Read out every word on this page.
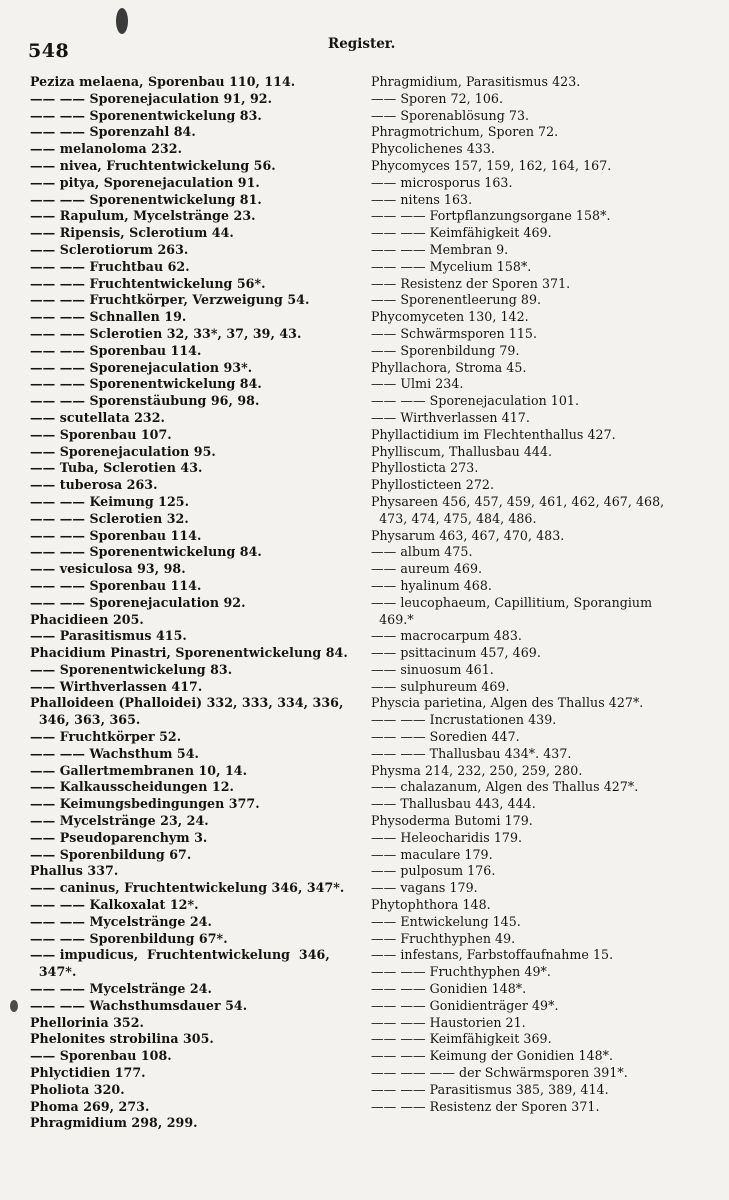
548	Register.

Peziza melaena, Sporenbau 110, 114.

—— —— Sporenejaculation 91, 92.

—— —— Sporenentwickelung 83.

—— —— Sporenzahl 84.

—— melanoloma 232.

—— nivea, Fruchtentwickelung 56.

—— pitya, Sporenejaculation 91.

—— —— Sporenentwickelung 81.

—— Rapulum, Mycelstränge 23.

—— Ripensis, Sclerotium 44.

—— Sclerotiorum 263.

—— —— Fruchtbau 62.

—— —— Fruchtentwickelung 56*.

—— —— Fruchtkörper, Verzweigung 54.

—— —— Schnallen 19.

—— —— Sclerotien 32, 33*, 37, 39, 43.

—— —— Sporenbau 114.

—— —— Sporenejaculation 93*.

—— —— Sporenentwickelung 84.

—— —— Sporenstäubung 96, 98.

—— scutellata 232.

—— Sporenbau 107.

—— Sporenejaculation 95.

—— Tuba, Sclerotien 43.

—— tuberosa 263.

—— —— Keimung 125.

—— —— Sclerotien 32.

—— —— Sporenbau 114.

—— —— Sporenentwickelung 84.

—— vesiculosa 93, 98.

—— —— Sporenbau 114.

—— —— Sporenejaculation 92.

Phacidieen 205.

—— Parasitismus 415.

Phacidium Pinastri, Sporenentwickelung 84.

—— Sporenentwickelung 83.

—— Wirthverlassen 417.

Phalloideen (Phalloidei) 332, 333, 334, 336,

346, 363, 365.

—— Fruchtkörper 52.

—— —— Wachsthum 54.

—— Gallertmembranen 10, 14.

—— Kalkausscheidungen 12.

—— Keimungsbedingungen 377.

—— Mycelstränge 23, 24.

—— Pseudoparenchym 3.

—— Sporenbildung 67.

Phallus 337.

—— caninus, Fruchtentwickelung 346, 347*.

—— —— Kalkoxalat 12*.

—— —— Mycelstränge 24.

—— —— Sporenbildung 67*.

—— impudicus,  Fruchtentwickelung  346,

347*.

—— —— Mycelstränge 24.

—— —— Wachsthumsdauer 54.

Phellorinia 352.

Phelonites strobilina 305.

—— Sporenbau 108.

Phlyctidien 177.

Pholiota 320.

Phoma 269, 273.

Phragmidium 298, 299.

Phragmidium, Parasitismus 423.

—— Sporen 72, 106.

—— Sporenablösung 73.

Phragmotrichum, Sporen 72.

Phycolichenes 433.

Phycomyces 157, 159, 162, 164, 167.

—— microsporus 163.

—— nitens 163.

—— —— Fortpflanzungsorgane 158*.

—— —— Keimfähigkeit 469.

—— —— Membran 9.

—— —— Mycelium 158*.

—— Resistenz der Sporen 371.

—— Sporenentleerung 89.

Phycomyceten 130, 142.

—— Schwärmsporen 115.

—— Sporenbildung 79.

Phyllachora, Stroma 45.

—— Ulmi 234.

—— —— Sporenejaculation 101.

—— Wirthverlassen 417.

Phyllactidium im Flechtenthallus 427.

Phylliscum, Thallusbau 444.

Phyllosticta 273.

Phyllosticteen 272.

Physareen 456, 457, 459, 461, 462, 467, 468,

473, 474, 475, 484, 486.

Physarum 463, 467, 470, 483.

—— album 475.

—— aureum 469.

—— hyalinum 468.

—— leucophaeum, Capillitium, Sporangium

469.*

—— macrocarpum 483.

—— psittacinum 457, 469.

—— sinuosum 461.

—— sulphureum 469.

Physcia parietina, Algen des Thallus 427*.

—— —— Incrustationen 439.

—— —— Soredien 447.

—— —— Thallusbau 434*. 437.

Physma 214, 232, 250, 259, 280.

—— chalazanum, Algen des Thallus 427*.

—— Thallusbau 443, 444.

Physoderma Butomi 179.

—— Heleocharidis 179.

—— maculare 179.

—— pulposum 176.

—— vagans 179.

Phytophthora 148.

—— Entwickelung 145.

—— Fruchthyphen 49.

—— infestans, Farbstoffaufnahme 15.

—— —— Fruchthyphen 49*.

—— —— Gonidien 148*.

—— —— Gonidienträger 49*.

—— —— Haustorien 21.

—— —— Keimfähigkeit 369.

—— —— Keimung der Gonidien 148*.

—— —— —— der Schwärmsporen 391*.

—— —— Parasitismus 385, 389, 414.

—— —— Resistenz der Sporen 371.
